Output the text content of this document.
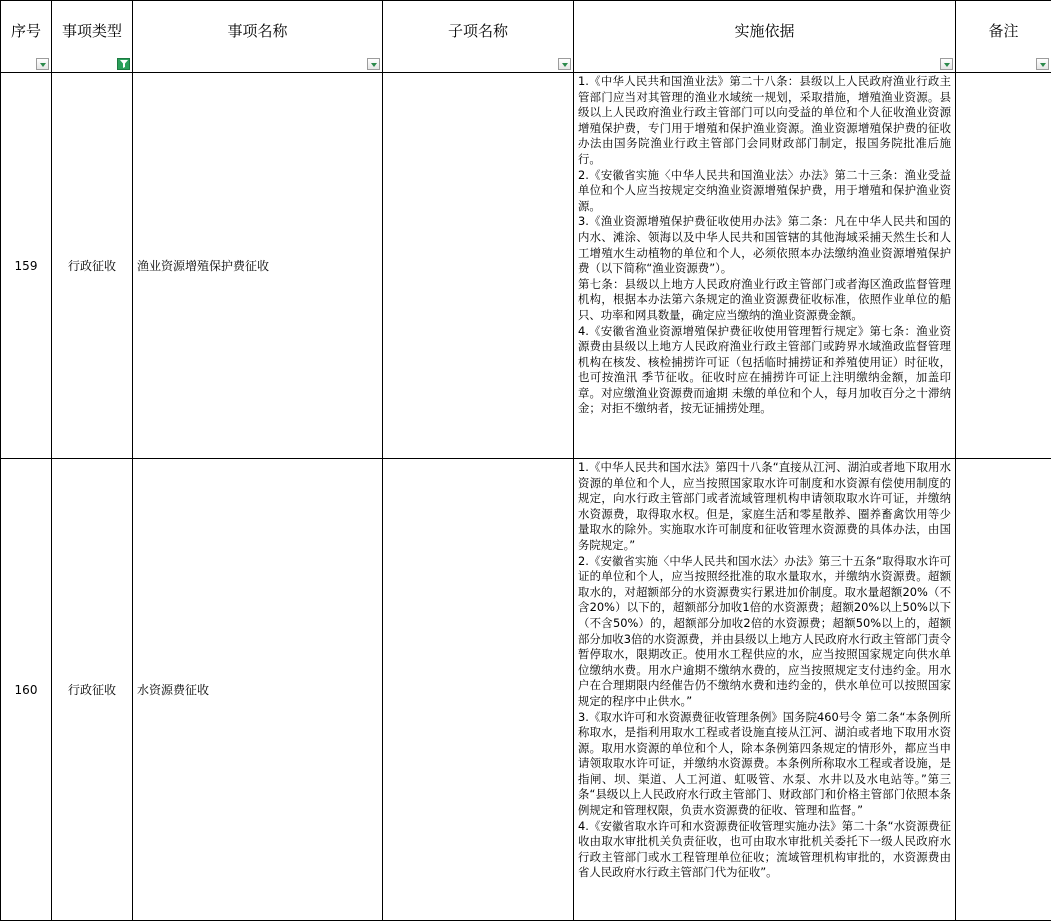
序号	事项类型	事项名称	子项名称	实施依据	备注

159	行政征收	渔业资源增殖保护费征收		1.《中华人民共和国渔业法》第二十八条：县级以上人民政府渔业行政主管部门应当对其管理的渔业水域统一规划，采取措施，增殖渔业资源。县级以上人民政府渔业行政主管部门可以向受益的单位和个人征收渔业资源增殖保护费，专门用于增殖和保护渔业资源。渔业资源增殖保护费的征收办法由国务院渔业行政主管部门会同财政部门制定，报国务院批准后施行。
2.《安徽省实施〈中华人民共和国渔业法〉办法》第二十三条：渔业受益单位和个人应当按规定交纳渔业资源增殖保护费，用于增殖和保护渔业资源。
3.《渔业资源增殖保护费征收使用办法》第二条：凡在中华人民共和国的内水、滩涂、领海以及中华人民共和国管辖的其他海域采捕天然生长和人工增殖水生动植物的单位和个人，必须依照本办法缴纳渔业资源增殖保护费（以下简称“渔业资源费”）。
第七条：县级以上地方人民政府渔业行政主管部门或者海区渔政监督管理机构，根据本办法第六条规定的渔业资源费征收标准，依照作业单位的船只、功率和网具数量，确定应当缴纳的渔业资源费金额。
4.《安徽省渔业资源增殖保护费征收使用管理暂行规定》第七条：渔业资源费由县级以上地方人民政府渔业行政主管部门或跨界水域渔政监督管理机构在核发、核检捕捞许可证（包括临时捕捞证和养殖使用证）时征收，也可按渔汛 季节征收。征收时应在捕捞许可证上注明缴纳金额，加盖印章。对应缴渔业资源费而逾期 未缴的单位和个人，每月加收百分之十滞纳金；对拒不缴纳者，按无证捕捞处理。	

160	行政征收	水资源费征收		1.《中华人民共和国水法》第四十八条“直接从江河、湖泊或者地下取用水资源的单位和个人，应当按照国家取水许可制度和水资源有偿使用制度的规定，向水行政主管部门或者流域管理机构申请领取取水许可证，并缴纳水资源费，取得取水权。但是，家庭生活和零星散养、圈养畜禽饮用等少量取水的除外。实施取水许可制度和征收管理水资源费的具体办法，由国务院规定。”
2.《安徽省实施〈中华人民共和国水法〉办法》第三十五条“取得取水许可证的单位和个人，应当按照经批准的取水量取水，并缴纳水资源费。超额取水的，对超额部分的水资源费实行累进加价制度。取水量超额20%（不含20%）以下的，超额部分加收1倍的水资源费；超额20%以上50%以下（不含50%）的，超额部分加收2倍的水资源费；超额50%以上的，超额部分加收3倍的水资源费，并由县级以上地方人民政府水行政主管部门责令暂停取水，限期改正。使用水工程供应的水，应当按照国家规定向供水单位缴纳水费。用水户逾期不缴纳水费的，应当按照规定支付违约金。用水户在合理期限内经催告仍不缴纳水费和违约金的，供水单位可以按照国家规定的程序中止供水。”
3.《取水许可和水资源费征收管理条例》国务院460号令 第二条“本条例所称取水，是指利用取水工程或者设施直接从江河、湖泊或者地下取用水资源。取用水资源的单位和个人，除本条例第四条规定的情形外，都应当申请领取取水许可证，并缴纳水资源费。本条例所称取水工程或者设施，是指闸、坝、渠道、人工河道、虹吸管、水泵、水井以及水电站等。”第三条“县级以上人民政府水行政主管部门、财政部门和价格主管部门依照本条例规定和管理权限，负责水资源费的征收、管理和监督。”
4.《安徽省取水许可和水资源费征收管理实施办法》第二十条“水资源费征收由取水审批机关负责征收，也可由取水审批机关委托下一级人民政府水行政主管部门或水工程管理单位征收；流域管理机构审批的，水资源费由省人民政府水行政主管部门代为征收”。	
